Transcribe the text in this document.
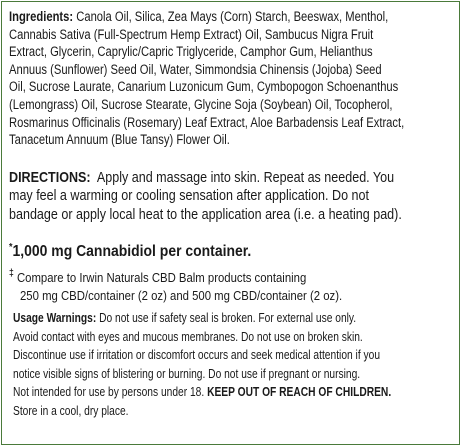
Ingredients: Canola Oil, Silica, Zea Mays (Corn) Starch, Beeswax, Menthol,
Cannabis Sativa (Full-Spectrum Hemp Extract) Oil, Sambucus Nigra Fruit
Extract, Glycerin, Caprylic/Capric Triglyceride, Camphor Gum, Helianthus
Annuus (Sunflower) Seed Oil, Water, Simmondsia Chinensis (Jojoba) Seed
Oil, Sucrose Laurate, Canarium Luzonicum Gum, Cymbopogon Schoenanthus
(Lemongrass) Oil, Sucrose Stearate, Glycine Soja (Soybean) Oil, Tocopherol,
Rosmarinus Officinalis (Rosemary) Leaf Extract, Aloe Barbadensis Leaf Extract,
Tanacetum Annuum (Blue Tansy) Flower Oil.
DIRECTIONS: Apply and massage into skin. Repeat as needed. You
may feel a warming or cooling sensation after application. Do not
bandage or apply local heat to the application area (i.e. a heating pad).
*1,000 mg Cannabidiol per container.
‡ Compare to Irwin Naturals CBD Balm products containing
250 mg CBD/container (2 oz) and 500 mg CBD/container (2 oz).
Usage Warnings: Do not use if safety seal is broken. For external use only.
Avoid contact with eyes and mucous membranes. Do not use on broken skin.
Discontinue use if irritation or discomfort occurs and seek medical attention if you
notice visible signs of blistering or burning. Do not use if pregnant or nursing.
Not intended for use by persons under 18. KEEP OUT OF REACH OF CHILDREN.
Store in a cool, dry place.
